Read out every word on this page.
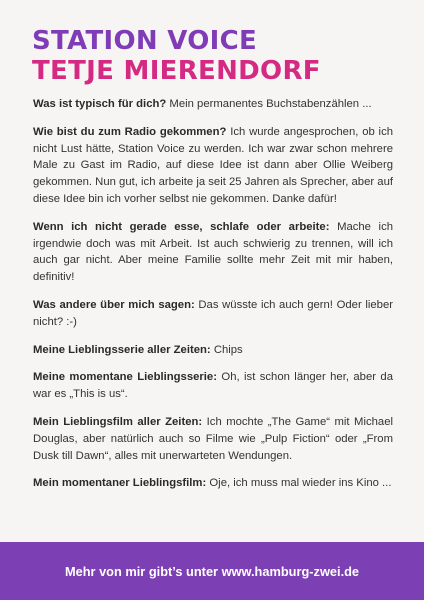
STATION VOICE
TETJE MIERENDORF

Was ist typisch für dich? Mein permanentes Buchstabenzählen ...

Wie bist du zum Radio gekommen? Ich wurde angesprochen, ob ich nicht Lust hätte, Station Voice zu werden. Ich war zwar schon mehrere Male zu Gast im Radio, auf diese Idee ist dann aber Ollie Weiberg gekommen. Nun gut, ich arbeite ja seit 25 Jahren als Sprecher, aber auf diese Idee bin ich vorher selbst nie gekommen. Danke dafür!

Wenn ich nicht gerade esse, schlafe oder arbeite: Mache ich irgendwie doch was mit Arbeit. Ist auch schwierig zu trennen, will ich auch gar nicht. Aber meine Familie sollte mehr Zeit mit mir haben, definitiv!

Was andere über mich sagen: Das wüsste ich auch gern! Oder lieber nicht? :-)

Meine Lieblingsserie aller Zeiten: Chips

Meine momentane Lieblingsserie: Oh, ist schon länger her, aber da war es „This is us“.

Mein Lieblingsfilm aller Zeiten: Ich mochte „The Game“ mit Michael Douglas, aber natürlich auch so Filme wie „Pulp Fiction“ oder „From Dusk till Dawn“, alles mit unerwarteten Wendungen.

Mein momentaner Lieblingsfilm: Oje, ich muss mal wieder ins Kino ...

Mehr von mir gibt’s unter www.hamburg-zwei.de
